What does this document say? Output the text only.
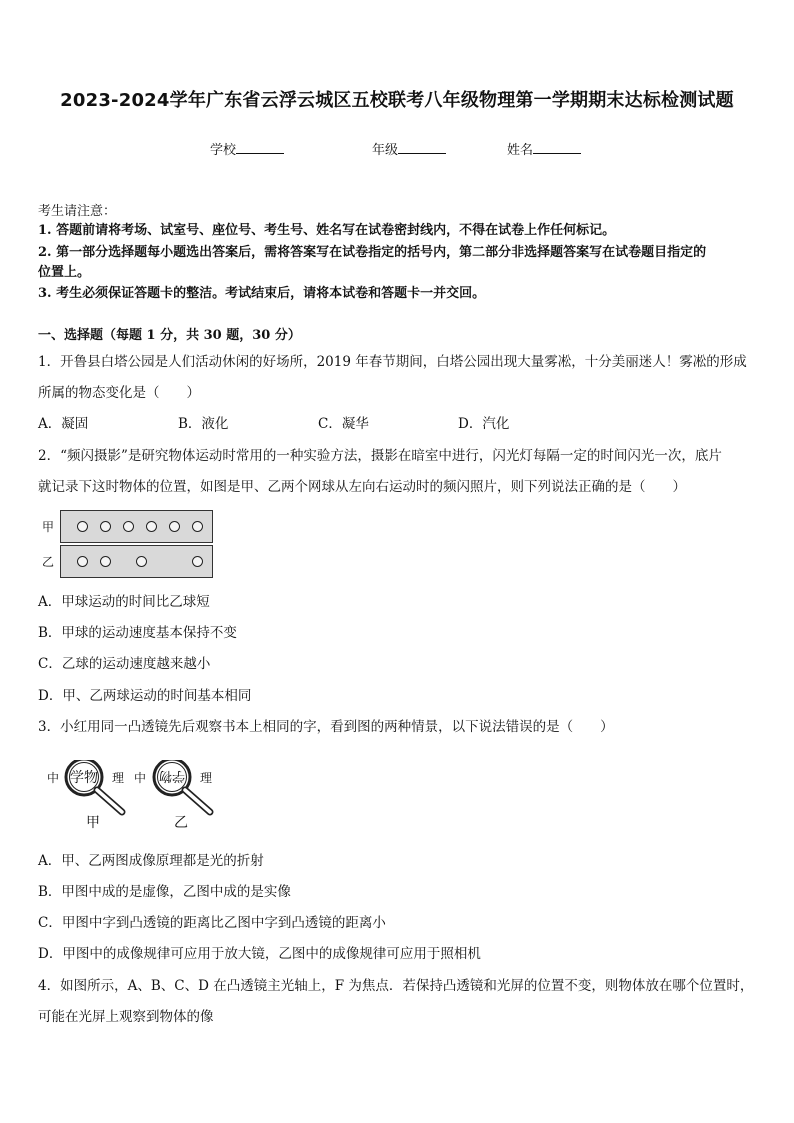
2023-2024学年广东省云浮云城区五校联考八年级物理第一学期期末达标检测试题
学校	年级	姓名
考生请注意：
1. 答题前请将考场、试室号、座位号、考生号、姓名写在试卷密封线内，不得在试卷上作任何标记。
2. 第一部分选择题每小题选出答案后，需将答案写在试卷指定的括号内，第二部分非选择题答案写在试卷题目指定的
位置上。
3. 考生必须保证答题卡的整洁。考试结束后，请将本试卷和答题卡一并交回。
一、选择题（每题 1 分，共 30 题，30 分）
1．开鲁县白塔公园是人们活动休闲的好场所，2019 年春节期间，白塔公园出现大量雾凇，十分美丽迷人！雾凇的形成
所属的物态变化是（　　）
A．凝固	B．液化	C．凝华	D．汽化
2．“频闪摄影”是研究物体运动时常用的一种实验方法，摄影在暗室中进行，闪光灯每隔一定的时间闪光一次，底片
就记录下这时物体的位置，如图是甲、乙两个网球从左向右运动时的频闪照片，则下列说法正确的是（　　）
甲
乙
A．甲球运动的时间比乙球短
B．甲球的运动速度基本保持不变
C．乙球的运动速度越来越小
D．甲、乙两球运动的时间基本相同
3．小红用同一凸透镜先后观察书本上相同的字，看到图的两种情景，以下说法错误的是（　　）
中 学物 理 中 学物 理
甲	乙
A．甲、乙两图成像原理都是光的折射
B．甲图中成的是虚像，乙图中成的是实像
C．甲图中字到凸透镜的距离比乙图中字到凸透镜的距离小
D．甲图中的成像规律可应用于放大镜，乙图中的成像规律可应用于照相机
4．如图所示，A、B、C、D 在凸透镜主光轴上，F 为焦点．若保持凸透镜和光屏的位置不变，则物体放在哪个位置时，
可能在光屏上观察到物体的像
